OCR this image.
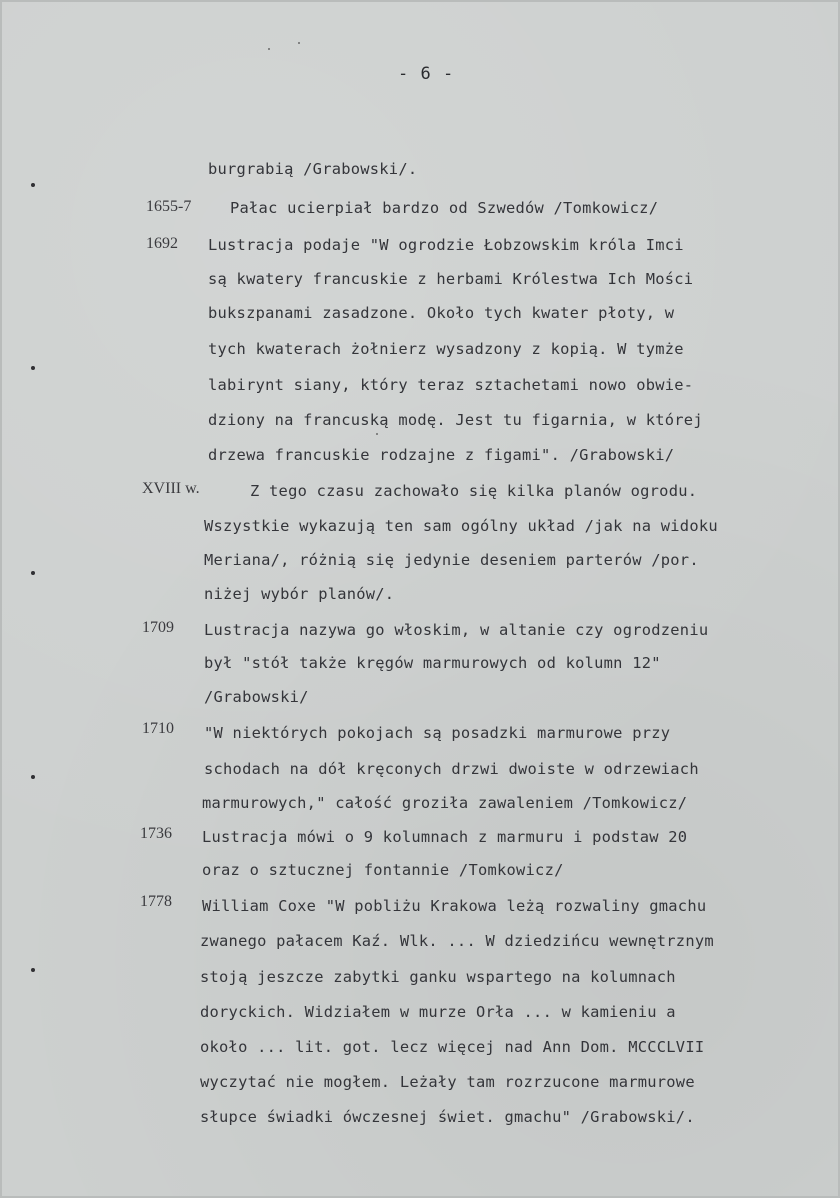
- 6 -
burgrabią /Grabowski/.
1655-7	Pałac ucierpiał bardzo od Szwedów /Tomkowicz/
1692 Lustracja podaje "W ogrodzie Łobzowskim króla Imci
są kwatery francuskie z herbami Królestwa Ich Mości
bukszpanami zasadzone. Około tych kwater płoty, w
tych kwaterach żołnierz wysadzony z kopią. W tymże
labirynt siany, który teraz sztachetami nowo obwie-
dziony na francuską modę. Jest tu figarnia, w której
drzewa francuskie rodzajne z figami". /Grabowski/
XVIII w.	Z tego czasu zachowało się kilka planów ogrodu.
Wszystkie wykazują ten sam ogólny układ /jak na widoku
Meriana/, różnią się jedynie deseniem parterów /por.
niżej wybór planów/.
1709 Lustracja nazywa go włoskim, w altanie czy ogrodzeniu
był "stół także kręgów marmurowych od kolumn 12"
/Grabowski/
1710 "W niektórych pokojach są posadzki marmurowe przy
schodach na dół kręconych drzwi dwoiste w odrzewiach
marmurowych," całość groziła zawaleniem /Tomkowicz/
1736 Lustracja mówi o 9 kolumnach z marmuru i podstaw 20
oraz o sztucznej fontannie /Tomkowicz/
1778 William Coxe "W pobliżu Krakowa leżą rozwaliny gmachu
zwanego pałacem Kaź. Wlk. ... W dziedzińcu wewnętrznym
stoją jeszcze zabytki ganku wspartego na kolumnach
doryckich. Widziałem w murze Orła ... w kamieniu a
około ... lit. got. lecz więcej nad Ann Dom. MCCCLVII
wyczytać nie mogłem. Leżały tam rozrzucone marmurowe
słupce świadki ówczesnej świet. gmachu" /Grabowski/.
